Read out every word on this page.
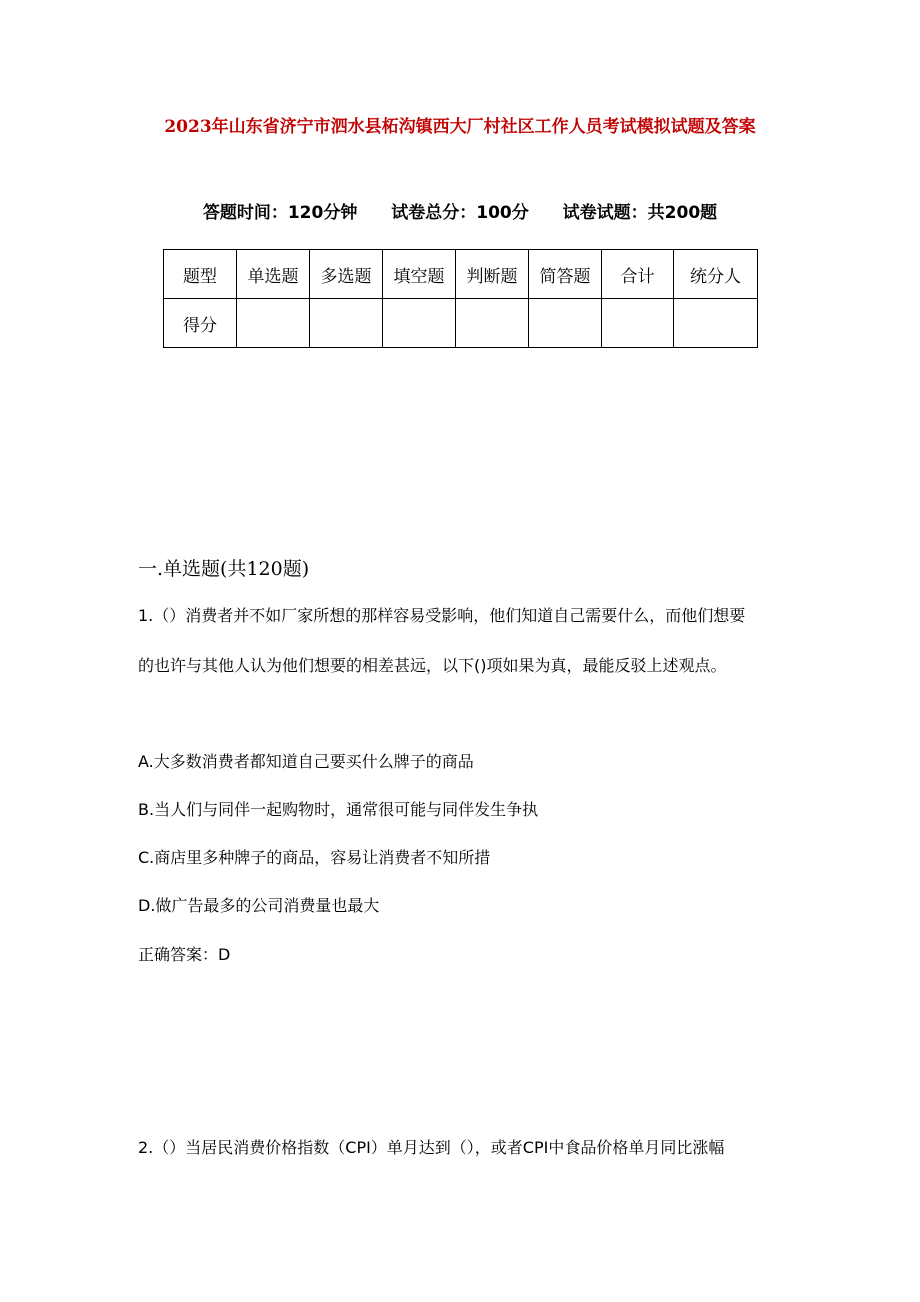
2023年山东省济宁市泗水县柘沟镇西大厂村社区工作人员考试模拟试题及答案
答题时间：120分钟 试卷总分：100分 试卷试题：共200题
题型	单选题	多选题	填空题	判断题	简答题	合计	统分人
得分							
一.单选题(共120题)
1.（）消费者并不如厂家所想的那样容易受影响，他们知道自己需要什么，而他们想要
的也许与其他人认为他们想要的相差甚远，以下()项如果为真，最能反驳上述观点。
A.大多数消费者都知道自己要买什么牌子的商品
B.当人们与同伴一起购物时，通常很可能与同伴发生争执
C.商店里多种牌子的商品，容易让消费者不知所措
D.做广告最多的公司消费量也最大
正确答案：D
2.（）当居民消费价格指数（CPI）单月达到（），或者CPI中食品价格单月同比涨幅
